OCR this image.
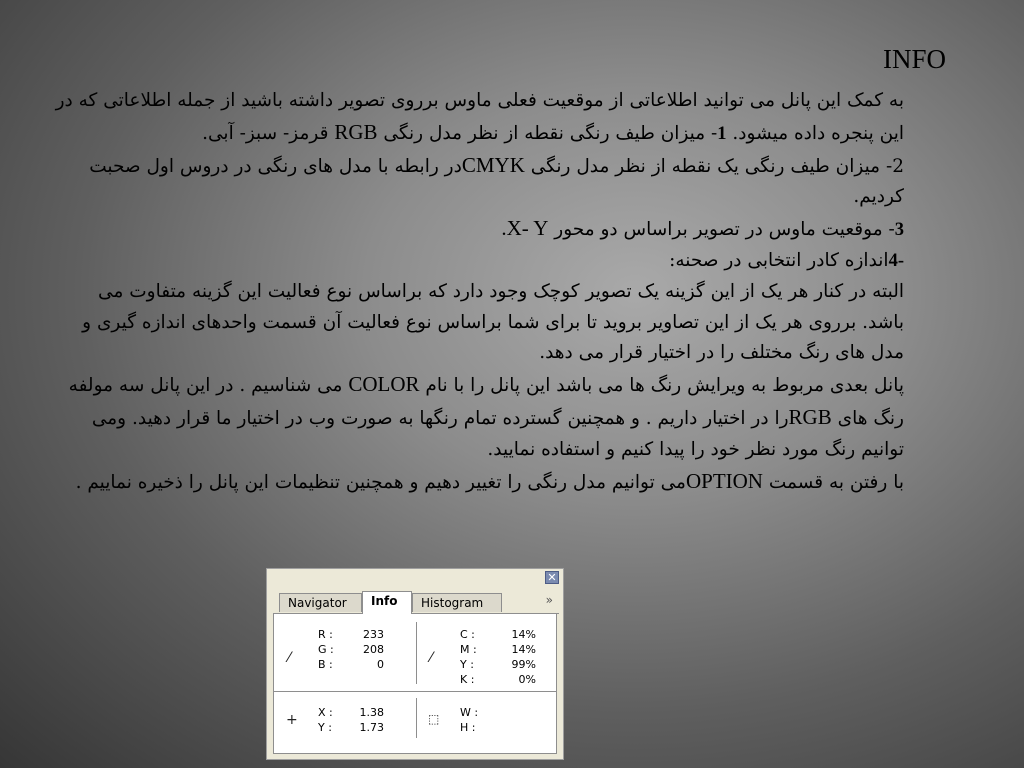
INFO

به کمک این پانل می توانید اطلاعاتی از موقعیت فعلی ماوس برروی تصویر داشته باشید از جمله اطلاعاتی که در این پنجره داده میشود. 1- میزان طیف رنگی نقطه از نظر مدل رنگی RGB قرمز- سبز- آبی.

2- میزان طیف رنگی یک نقطه از نظر مدل رنگی CMYKدر رابطه با مدل های رنگی در دروس اول صحبت کردیم.

3- موقعیت ماوس در تصویر براساس دو محور X- Y.

-4اندازه کادر انتخابی در صحنه:

البته در کنار هر یک از این گزینه یک تصویر کوچک وجود دارد که براساس نوع فعالیت این گزینه متفاوت می باشد. برروی هر یک از این تصاویر بروید تا برای شما براساس نوع فعالیت آن قسمت واحدهای اندازه گیری و مدل های رنگ مختلف را در اختیار قرار می دهد.

پانل بعدی مربوط به ویرایش رنگ ها می باشد این پانل را با نام COLOR می شناسیم . در این پانل سه مولفه رنگ های RGBرا در اختیار داریم . و همچنین گسترده تمام رنگها به صورت وب در اختیار ما قرار دهید. ومی توانیم رنگ مورد نظر خود را پیدا کنیم و استفاده نمایید.

با رفتن به قسمت OPTIONمی توانیم مدل رنگی را تغییر دهیم و همچنین تنظیمات این پانل را ذخیره نماییم .

✕
Navigator	Info	Histogram	»
⁄	⁄
+	⬚
R :	233
G :	208
B :	0
C :	14%
M :	14%
Y :	99%
K :	0%
X :	1.38
Y :	1.73
W :
H :
